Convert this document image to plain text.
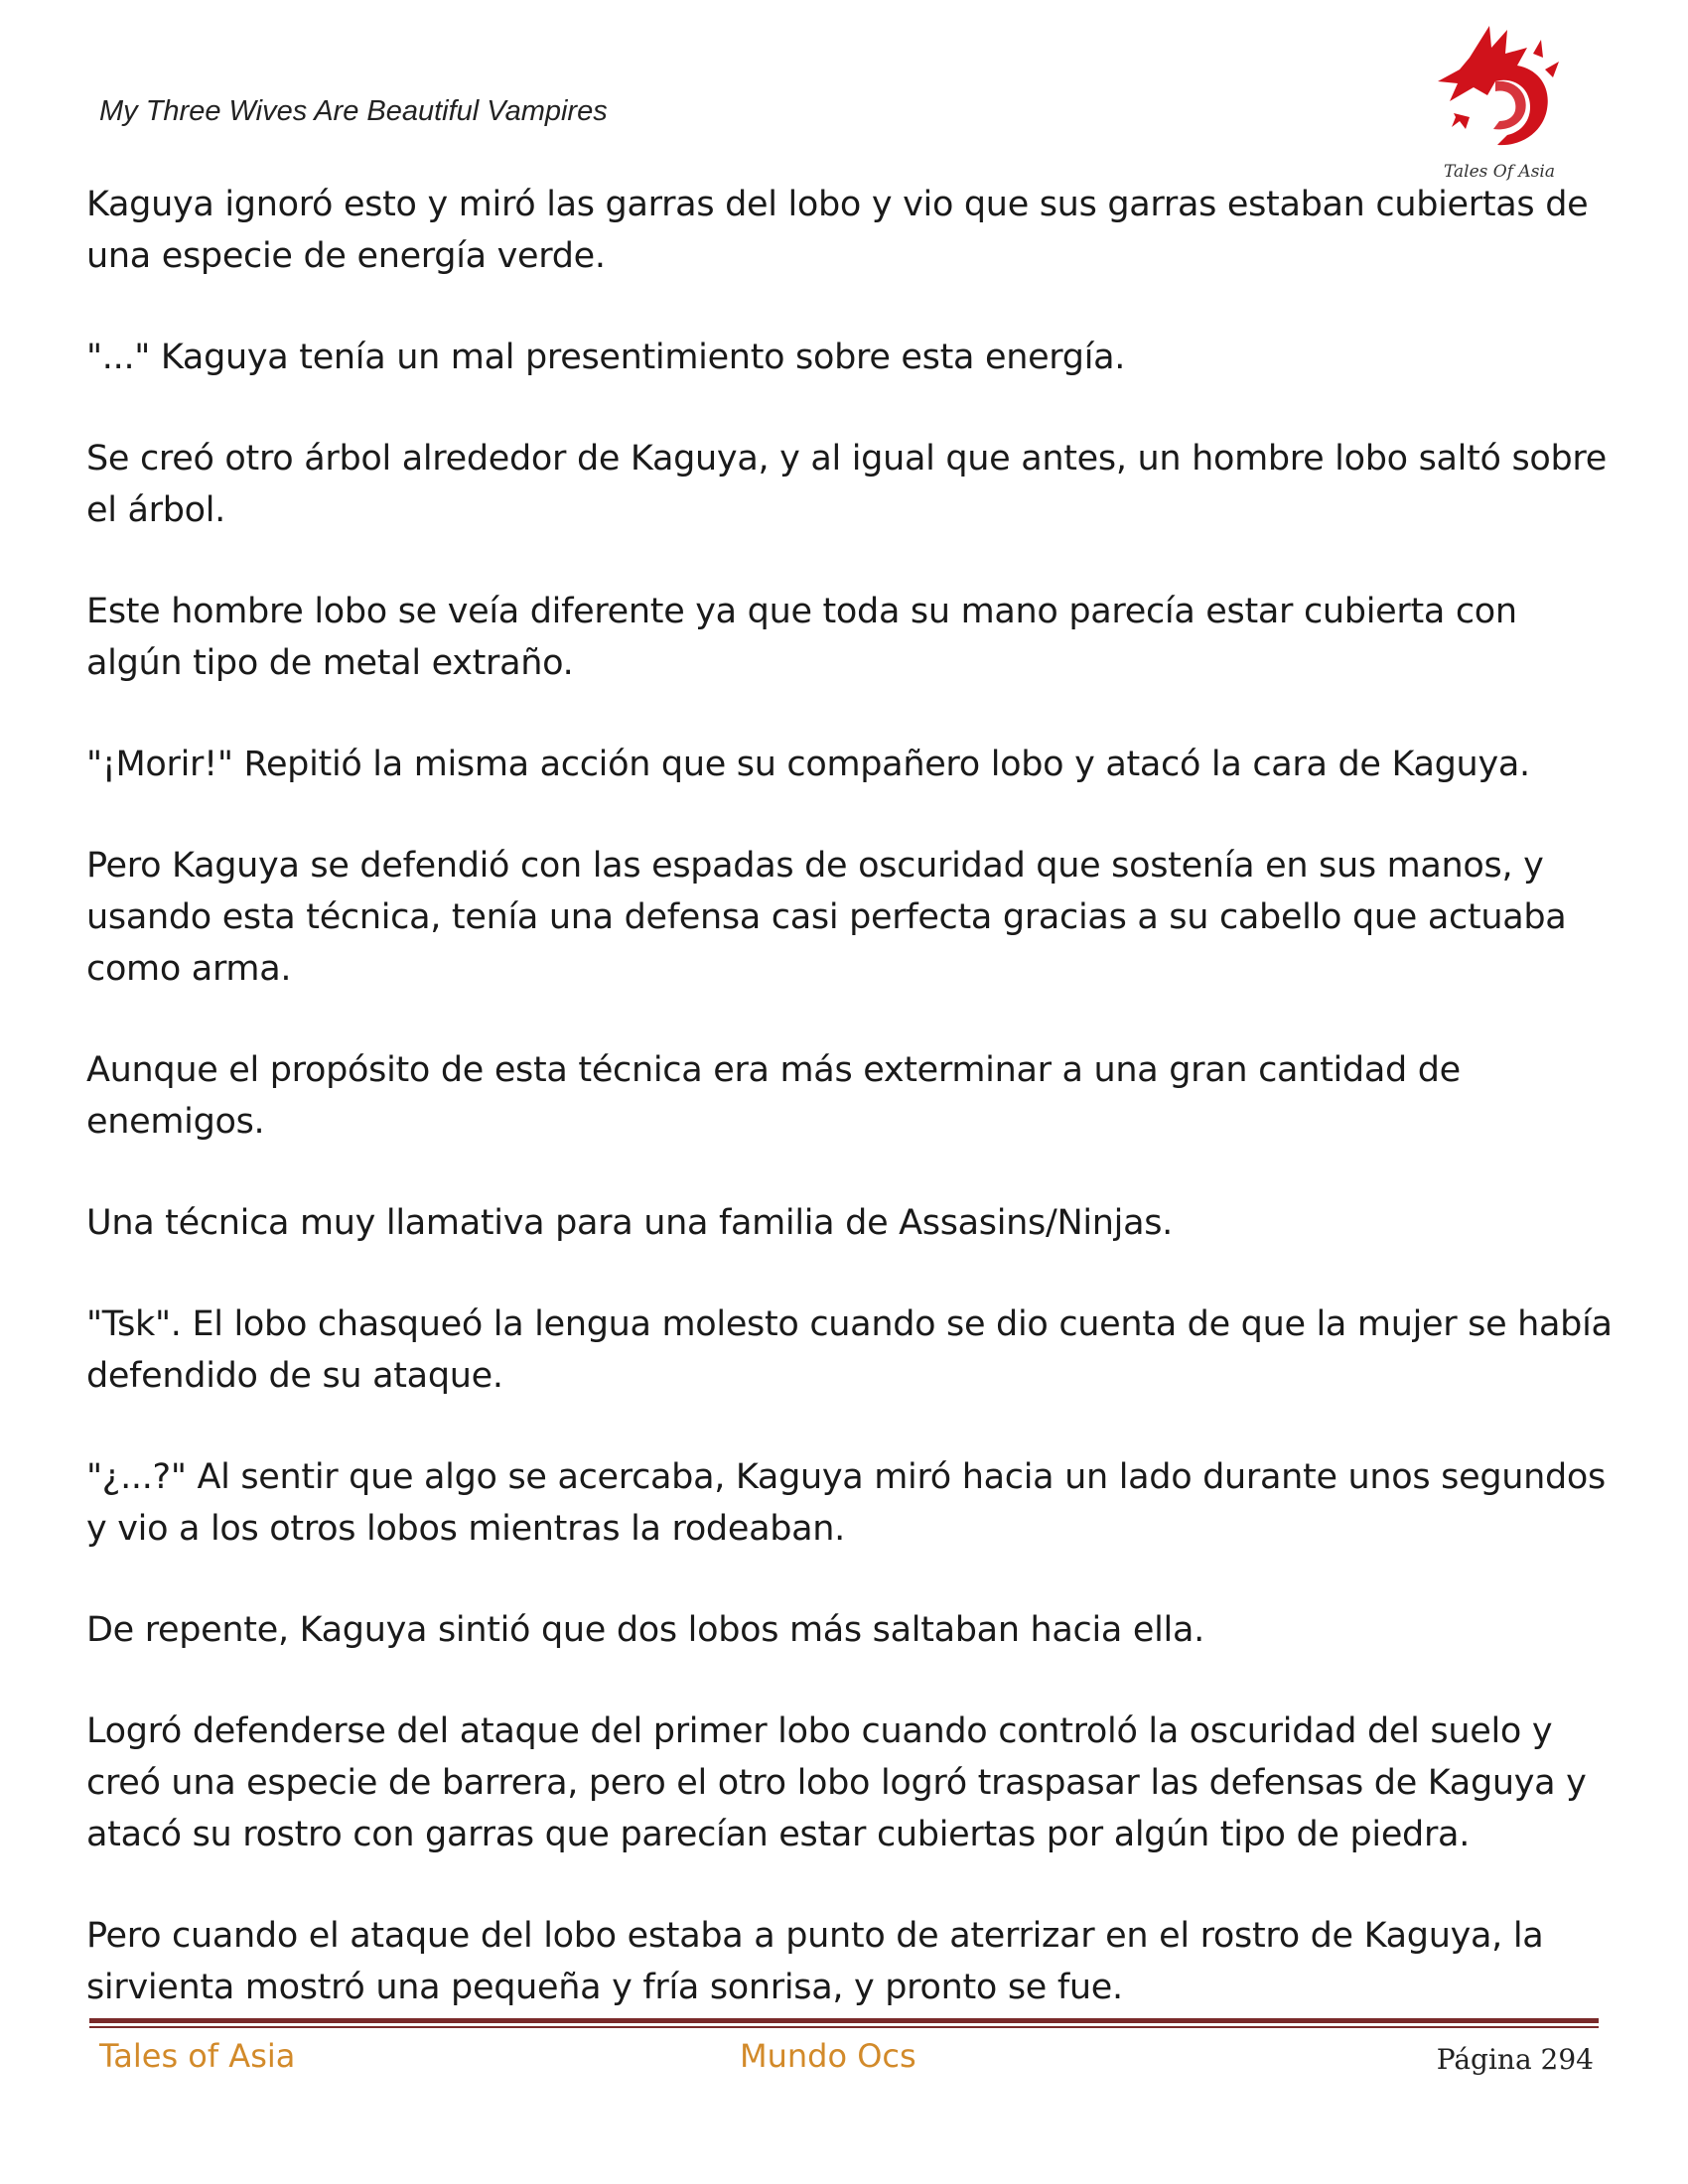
My Three Wives Are Beautiful Vampires
Tales Of Asia

Kaguya ignoró esto y miró las garras del lobo y vio que sus garras estaban cubiertas de una especie de energía verde.

"..." Kaguya tenía un mal presentimiento sobre esta energía.

Se creó otro árbol alrededor de Kaguya, y al igual que antes, un hombre lobo saltó sobre el árbol.

Este hombre lobo se veía diferente ya que toda su mano parecía estar cubierta con algún tipo de metal extraño.

"¡Morir!" Repitió la misma acción que su compañero lobo y atacó la cara de Kaguya.

Pero Kaguya se defendió con las espadas de oscuridad que sostenía en sus manos, y usando esta técnica, tenía una defensa casi perfecta gracias a su cabello que actuaba como arma.

Aunque el propósito de esta técnica era más exterminar a una gran cantidad de enemigos.

Una técnica muy llamativa para una familia de Assasins/Ninjas.

"Tsk". El lobo chasqueó la lengua molesto cuando se dio cuenta de que la mujer se había defendido de su ataque.

"¿...?" Al sentir que algo se acercaba, Kaguya miró hacia un lado durante unos segundos y vio a los otros lobos mientras la rodeaban.

De repente, Kaguya sintió que dos lobos más saltaban hacia ella.

Logró defenderse del ataque del primer lobo cuando controló la oscuridad del suelo y creó una especie de barrera, pero el otro lobo logró traspasar las defensas de Kaguya y atacó su rostro con garras que parecían estar cubiertas por algún tipo de piedra.

Pero cuando el ataque del lobo estaba a punto de aterrizar en el rostro de Kaguya, la sirvienta mostró una pequeña y fría sonrisa, y pronto se fue.

Tales of Asia	Mundo Ocs	Página 294
